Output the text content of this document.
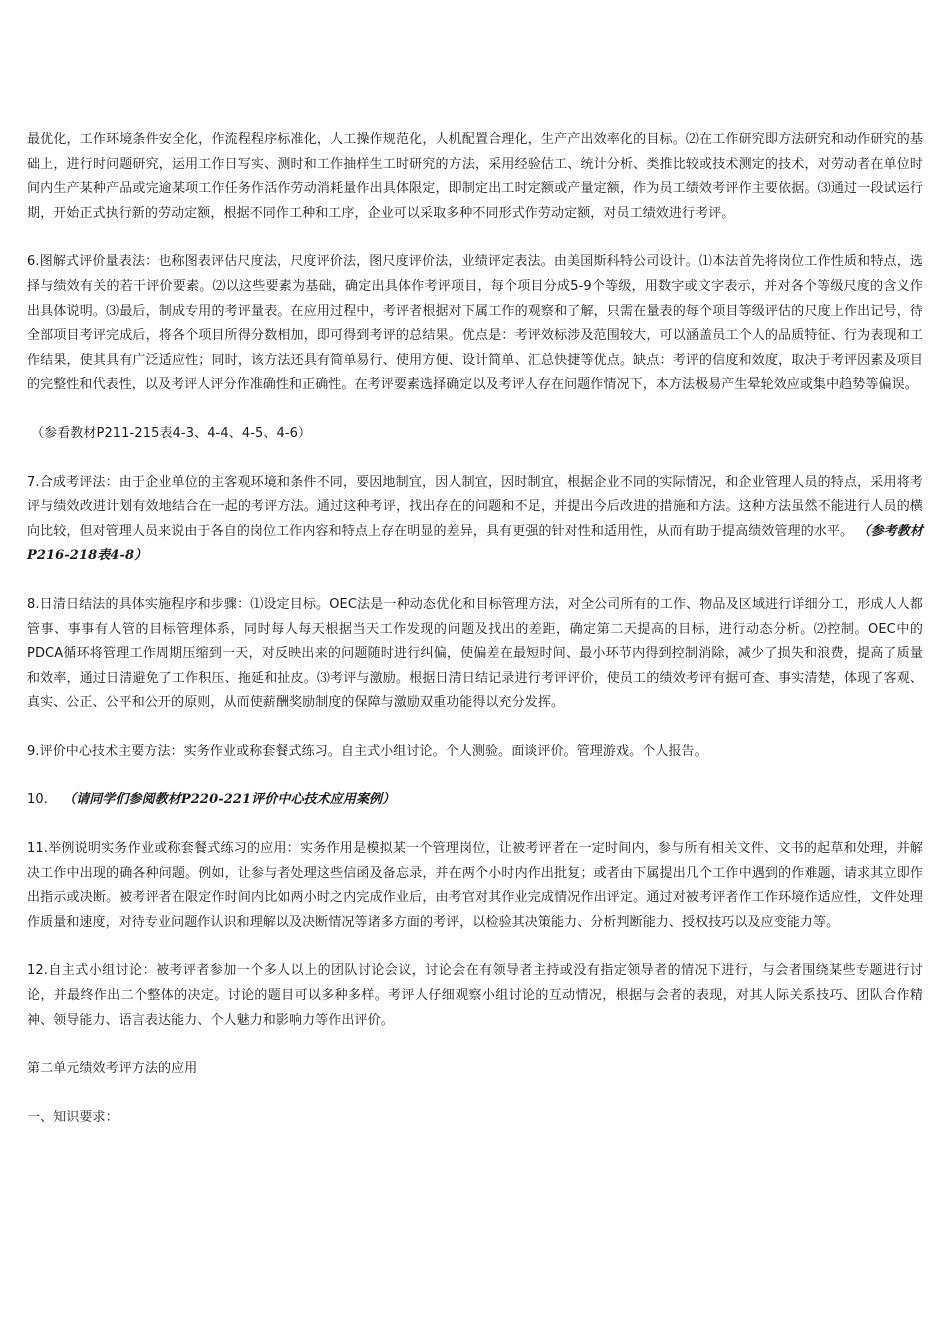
最优化，工作环境条件安全化，作流程程序标准化，人工操作规范化，人机配置合理化，生产产出效率化的目标。⑵在工作研究即方法研究和动作研究的基础上，进行时问题研究，运用工作日写实、测时和工作抽样生工时研究的方法，采用经验估工、统计分析、类推比较或技术测定的技术，对劳动者在单位时间内生产某种产品或完逾某项工作任务作活作劳动消耗量作出具体限定，即制定出工时定额或产量定额，作为员工绩效考评作主要依据。⑶通过一段试运行期，开始正式执行新的劳动定额，根据不同作工种和工序，企业可以采取多种不同形式作劳动定额，对员工绩效进行考评。

6.图解式评价量表法：也称图表评估尺度法，尺度评价法，图尺度评价法，业绩评定表法。由美国斯科特公司设计。⑴本法首先将岗位工作性质和特点，选择与绩效有关的若干评价要素。⑵以这些要素为基础，确定出具体作考评项目，每个项目分成5-9个等级，用数字或文字表示，并对各个等级尺度的含义作出具体说明。⑶最后，制成专用的考评量表。在应用过程中，考评者根据对下属工作的观察和了解，只需在量表的每个项目等级评估的尺度上作出记号，待全部项目考评完成后，将各个项目所得分数相加，即可得到考评的总结果。优点是：考评效标涉及范围较大，可以涵盖员工个人的品质特征、行为表现和工作结果，使其具有广泛适应性；同时，该方法还具有简单易行、使用方便、设计简单、汇总快捷等优点。缺点：考评的信度和效度，取决于考评因素及项目的完整性和代表性，以及考评人评分作准确性和正确性。在考评要素选择确定以及考评人存在问题作情况下，本方法极易产生晕轮效应或集中趋势等偏误。

（参看教材P211-215表4-3、4-4、4-5、4-6）

7.合成考评法：由于企业单位的主客观环境和条件不同，要因地制宜，因人制宜，因时制宜，根据企业不同的实际情况，和企业管理人员的特点，采用将考评与绩效改进计划有效地结合在一起的考评方法。通过这种考评，找出存在的问题和不足，并提出今后改进的措施和方法。这种方法虽然不能进行人员的横向比较，但对管理人员来说由于各自的岗位工作内容和特点上存在明显的差异，具有更强的针对性和适用性，从而有助于提高绩效管理的水平。 （参考教材P216-218表4-8）

8.日清日结法的具体实施程序和步骤：⑴设定目标。OEC法是一种动态优化和目标管理方法，对全公司所有的工作、物品及区域进行详细分工，形成人人都管事、事事有人管的目标管理体系，同时每人每天根据当天工作发现的问题及找出的差距，确定第二天提高的目标，进行动态分析。⑵控制。OEC中的PDCA循环将管理工作周期压缩到一天，对反映出来的问题随时进行纠偏，使偏差在最短时间、最小环节内得到控制消除，减少了损失和浪费，提高了质量和效率，通过日清避免了工作积压、拖延和扯皮。⑶考评与激励。根据日清日结记录进行考评评价，使员工的绩效考评有据可查、事实清楚，体现了客观、真实、公正、公平和公开的原则，从而使薪酬奖励制度的保障与激励双重功能得以充分发挥。

9.评价中心技术主要方法：实务作业或称套餐式练习。自主式小组讨论。个人测验。面谈评价。管理游戏。个人报告。

10. （请同学们参阅教材P220-221评价中心技术应用案例）

11.举例说明实务作业或称套餐式练习的应用：实务作用是模拟某一个管理岗位，让被考评者在一定时间内，参与所有相关文件、文书的起草和处理，并解决工作中出现的确各种问题。例如，让参与者处理这些信函及备忘录，并在两个小时内作出批复；或者由下属提出几个工作中遇到的作难题，请求其立即作出指示或决断。被考评者在限定作时间内比如两小时之内完成作业后，由考官对其作业完成情况作出评定。通过对被考评者作工作环境作适应性，文件处理作质量和速度，对待专业问题作认识和理解以及决断情况等诸多方面的考评，以检验其决策能力、分析判断能力、授权技巧以及应变能力等。

12.自主式小组讨论：被考评者参加一个多人以上的团队讨论会议，讨论会在有领导者主持或没有指定领导者的情况下进行，与会者围绕某些专题进行讨论，并最终作出二个整体的决定。讨论的题目可以多种多样。考评人仔细观察小组讨论的互动情况，根据与会者的表现，对其人际关系技巧、团队合作精神、领导能力、语言表达能力、个人魅力和影响力等作出评价。

第二单元绩效考评方法的应用

一、知识要求：
